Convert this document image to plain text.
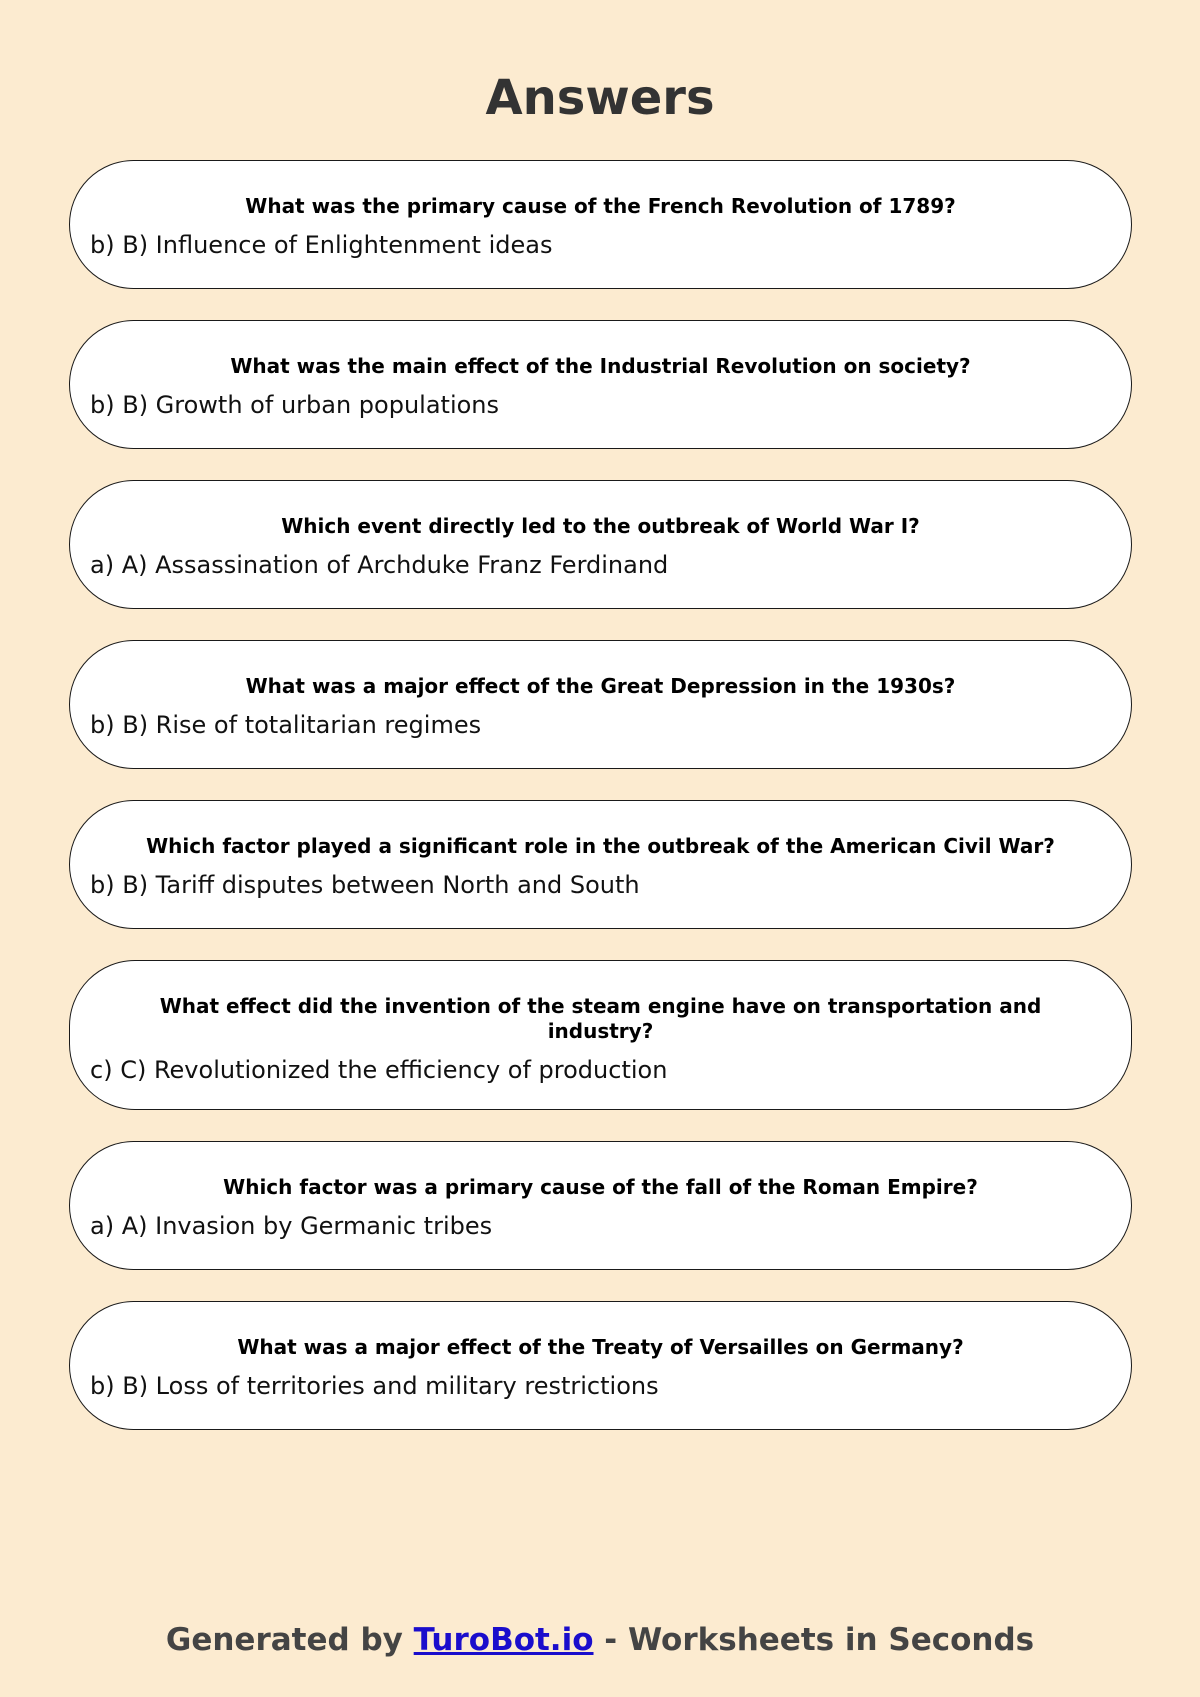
Answers

What was the primary cause of the French Revolution of 1789?

b) B) Influence of Enlightenment ideas

What was the main effect of the Industrial Revolution on society?

b) B) Growth of urban populations

Which event directly led to the outbreak of World War I?

a) A) Assassination of Archduke Franz Ferdinand

What was a major effect of the Great Depression in the 1930s?

b) B) Rise of totalitarian regimes

Which factor played a significant role in the outbreak of the American Civil War?

b) B) Tariff disputes between North and South

What effect did the invention of the steam engine have on transportation and industry?

c) C) Revolutionized the efficiency of production

Which factor was a primary cause of the fall of the Roman Empire?

a) A) Invasion by Germanic tribes

What was a major effect of the Treaty of Versailles on Germany?

b) B) Loss of territories and military restrictions

Generated by TuroBot.io - Worksheets in Seconds
